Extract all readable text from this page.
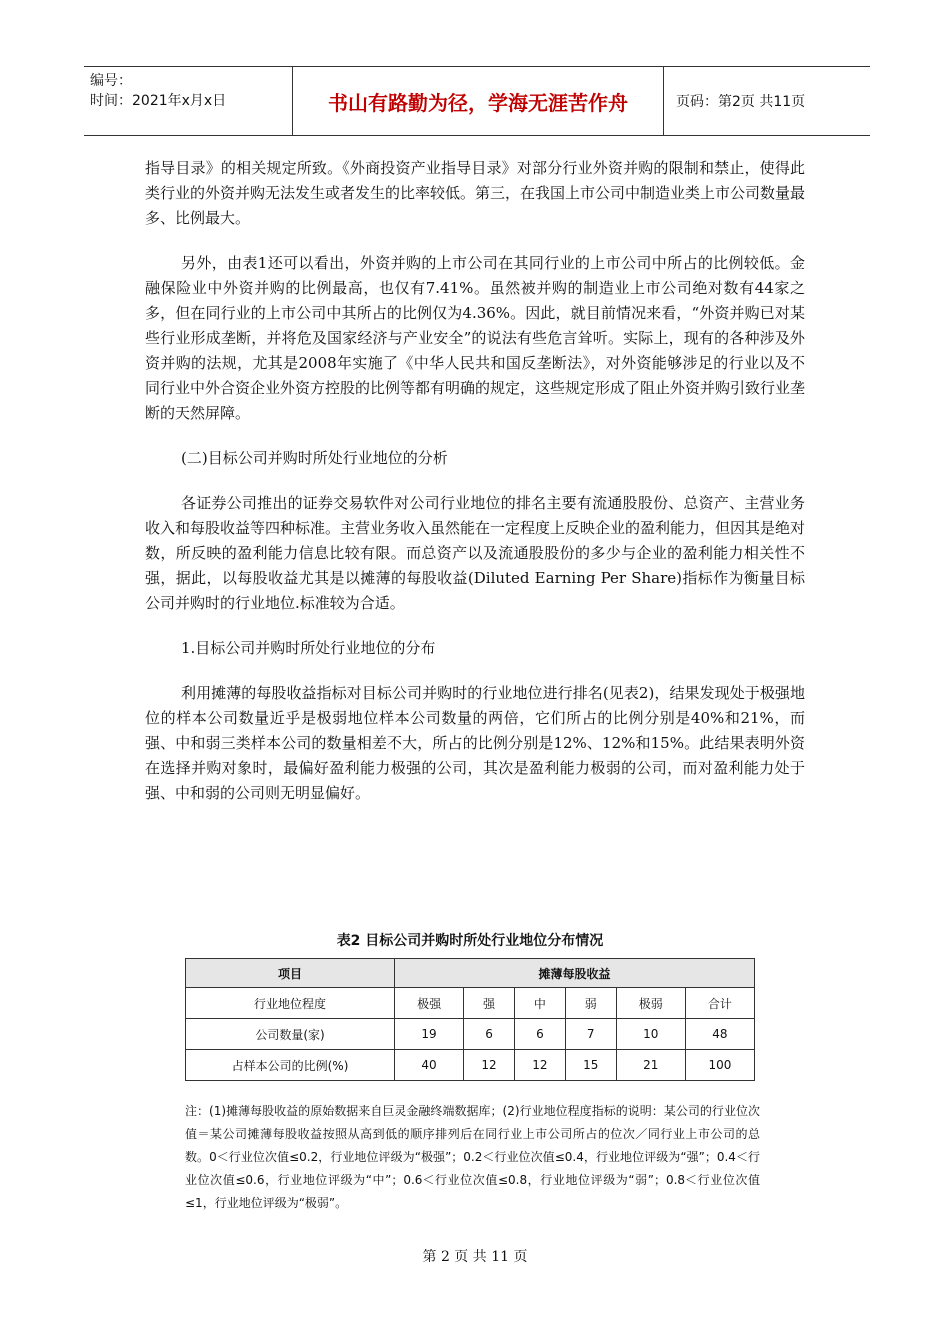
编号：
时间：2021年x月x日	书山有路勤为径，学海无涯苦作舟	页码：第2页 共11页

指导目录》的相关规定所致。《外商投资产业指导目录》对部分行业外资并购的限制和禁止，使得此类行业的外资并购无法发生或者发生的比率较低。第三，在我国上市公司中制造业类上市公司数量最多、比例最大。

另外，由表1还可以看出，外资并购的上市公司在其同行业的上市公司中所占的比例较低。金融保险业中外资并购的比例最高，也仅有7.41%。虽然被并购的制造业上市公司绝对数有44家之多，但在同行业的上市公司中其所占的比例仅为4.36%。因此，就目前情况来看，“外资并购已对某些行业形成垄断，并将危及国家经济与产业安全”的说法有些危言耸听。实际上，现有的各种涉及外资并购的法规，尤其是2008年实施了《中华人民共和国反垄断法》，对外资能够涉足的行业以及不同行业中外合资企业外资方控股的比例等都有明确的规定，这些规定形成了阻止外资并购引致行业垄断的天然屏障。

(二)目标公司并购时所处行业地位的分析

各证券公司推出的证券交易软件对公司行业地位的排名主要有流通股股份、总资产、主营业务收入和每股收益等四种标准。主营业务收入虽然能在一定程度上反映企业的盈利能力，但因其是绝对数，所反映的盈利能力信息比较有限。而总资产以及流通股股份的多少与企业的盈利能力相关性不强，据此，以每股收益尤其是以摊薄的每股收益(Diluted Earning Per Share)指标作为衡量目标公司并购时的行业地位.标准较为合适。

1.目标公司并购时所处行业地位的分布

利用摊薄的每股收益指标对目标公司并购时的行业地位进行排名(见表2)，结果发现处于极强地位的样本公司数量近乎是极弱地位样本公司数量的两倍，它们所占的比例分别是40%和21%，而强、中和弱三类样本公司的数量相差不大，所占的比例分别是12%、12%和15%。此结果表明外资在选择并购对象时，最偏好盈利能力极强的公司，其次是盈利能力极弱的公司，而对盈利能力处于强、中和弱的公司则无明显偏好。

表2 目标公司并购时所处行业地位分布情况
项目	摊薄每股收益					
行业地位程度	极强	强	中	弱	极弱	合计
公司数量(家)	19	6	6	7	10	48
占样本公司的比例(%)	40	12	12	15	21	100
注：(1)摊薄每股收益的原始数据来自巨灵金融终端数据库；(2)行业地位程度指标的说明：某公司的行业位次值＝某公司摊薄每股收益按照从高到低的顺序排列后在同行业上市公司所占的位次／同行业上市公司的总数。0＜行业位次值≤0.2，行业地位评级为“极强”；0.2＜行业位次值≤0.4，行业地位评级为“强”；0.4＜行业位次值≤0.6，行业地位评级为“中”；0.6＜行业位次值≤0.8，行业地位评级为“弱”；0.8＜行业位次值≤1，行业地位评级为“极弱”。
第 2 页 共 11 页
